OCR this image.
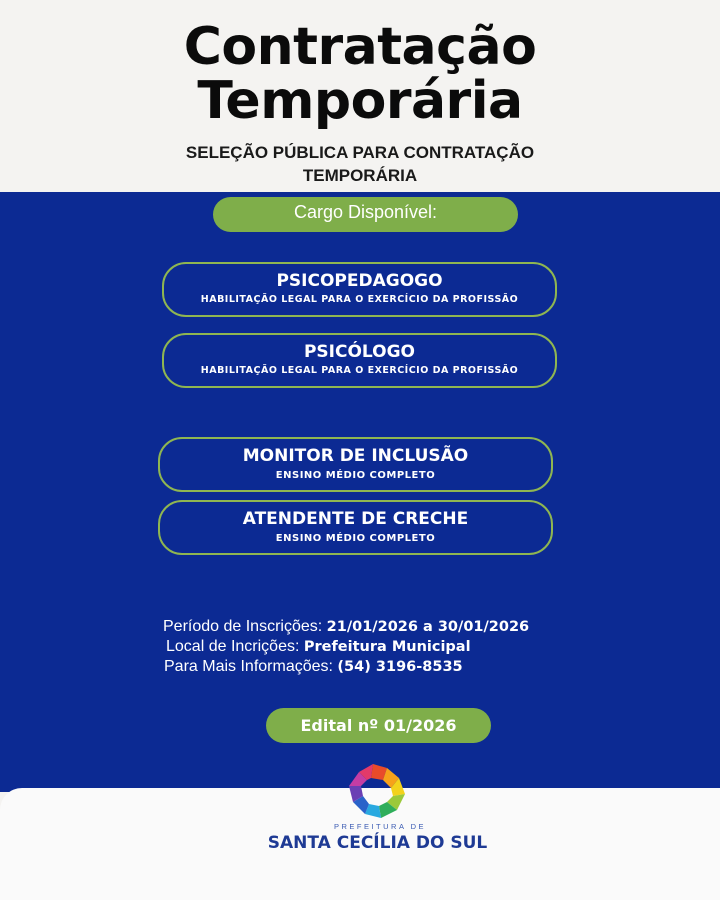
Contratação
Temporária
SELEÇÃO PÚBLICA PARA CONTRATAÇÃO
TEMPORÁRIA
Cargo Disponível:
PSICOPEDAGOGO
HABILITAÇÃO LEGAL PARA O EXERCÍCIO DA PROFISSÃO
PSICÓLOGO
HABILITAÇÃO LEGAL PARA O EXERCÍCIO DA PROFISSÃO
MONITOR DE INCLUSÃO
ENSINO MÉDIO COMPLETO
ATENDENTE DE CRECHE
ENSINO MÉDIO COMPLETO
Período de Inscrições: 21/01/2026 a 30/01/2026
Local de Incrições: Prefeitura Municipal
Para Mais Informações: (54) 3196-8535
Edital nº 01/2026
PREFEITURA DE
SANTA CECÍLIA DO SUL
